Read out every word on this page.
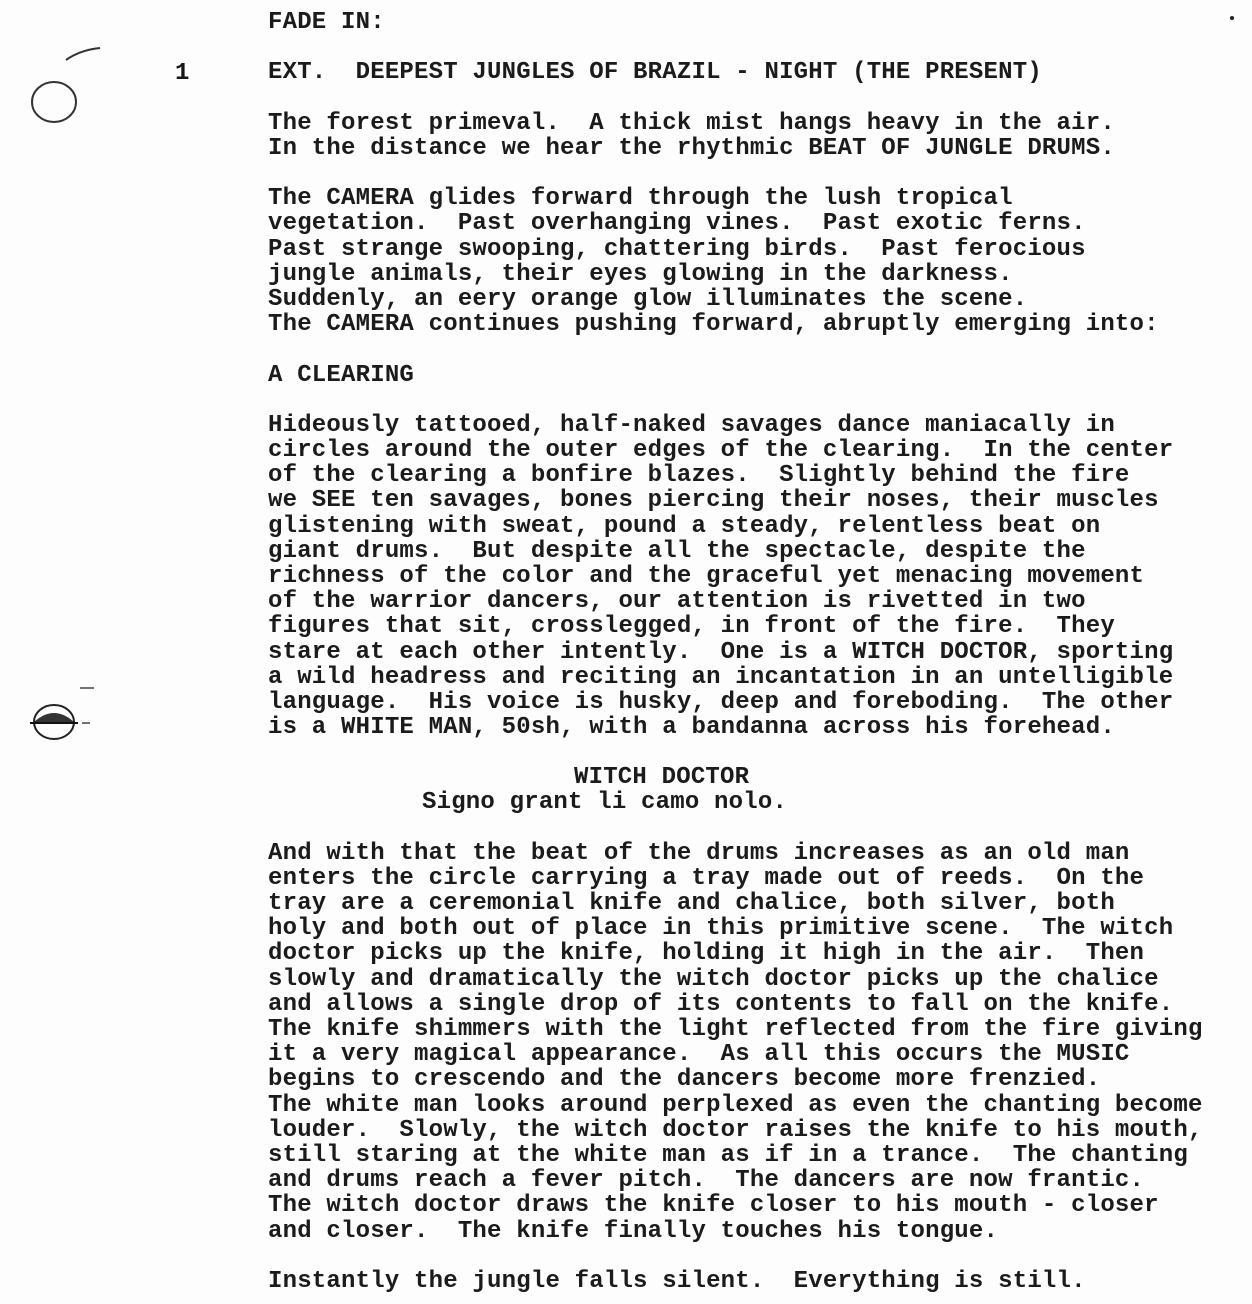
1
FADE IN:
EXT.  DEEPEST JUNGLES OF BRAZIL - NIGHT (THE PRESENT)
The forest primeval.  A thick mist hangs heavy in the air.
In the distance we hear the rhythmic BEAT OF JUNGLE DRUMS.
The CAMERA glides forward through the lush tropical
vegetation.  Past overhanging vines.  Past exotic ferns.
Past strange swooping, chattering birds.  Past ferocious
jungle animals, their eyes glowing in the darkness.
Suddenly, an eery orange glow illuminates the scene.
The CAMERA continues pushing forward, abruptly emerging into:
A CLEARING
Hideously tattooed, half-naked savages dance maniacally in
circles around the outer edges of the clearing.  In the center
of the clearing a bonfire blazes.  Slightly behind the fire
we SEE ten savages, bones piercing their noses, their muscles
glistening with sweat, pound a steady, relentless beat on
giant drums.  But despite all the spectacle, despite the
richness of the color and the graceful yet menacing movement
of the warrior dancers, our attention is rivetted in two
figures that sit, crosslegged, in front of the fire.  They
stare at each other intently.  One is a WITCH DOCTOR, sporting
a wild headress and reciting an incantation in an untelligible
language.  His voice is husky, deep and foreboding.  The other
is a WHITE MAN, 50sh, with a bandanna across his forehead.
WITCH DOCTOR
Signo grant li camo nolo.
And with that the beat of the drums increases as an old man
enters the circle carrying a tray made out of reeds.  On the
tray are a ceremonial knife and chalice, both silver, both
holy and both out of place in this primitive scene.  The witch
doctor picks up the knife, holding it high in the air.  Then
slowly and dramatically the witch doctor picks up the chalice
and allows a single drop of its contents to fall on the knife.
The knife shimmers with the light reflected from the fire giving
it a very magical appearance.  As all this occurs the MUSIC
begins to crescendo and the dancers become more frenzied.
The white man looks around perplexed as even the chanting become
louder.  Slowly, the witch doctor raises the knife to his mouth,
still staring at the white man as if in a trance.  The chanting
and drums reach a fever pitch.  The dancers are now frantic.
The witch doctor draws the knife closer to his mouth - closer
and closer.  The knife finally touches his tongue.
Instantly the jungle falls silent.  Everything is still.
